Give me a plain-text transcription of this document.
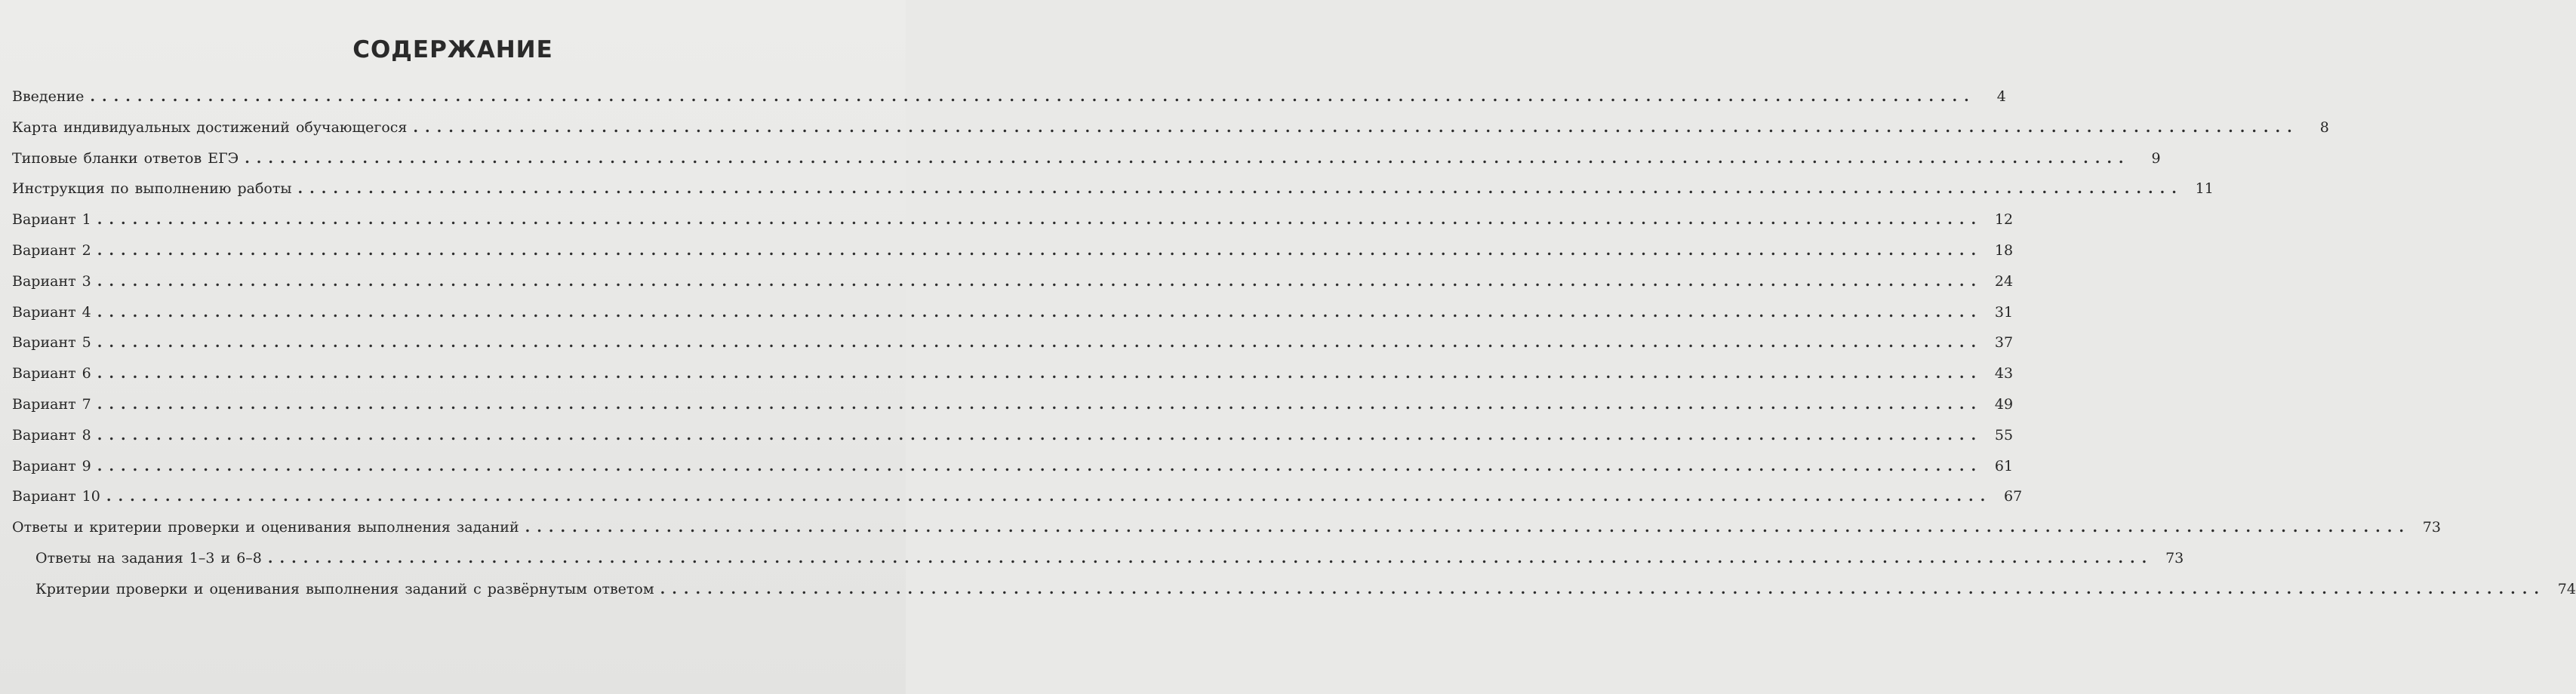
СОДЕРЖАНИЕ
Введение ................................................................................................................................................................	4
Карта индивидуальных достижений обучающегося ................................................................................................................................................................	8
Типовые бланки ответов ЕГЭ ................................................................................................................................................................	9
Инструкция по выполнению работы ................................................................................................................................................................ 11
Вариант 1 ................................................................................................................................................................ 12
Вариант 2 ................................................................................................................................................................ 18
Вариант 3 ................................................................................................................................................................ 24
Вариант 4 ................................................................................................................................................................ 31
Вариант 5 ................................................................................................................................................................ 37
Вариант 6 ................................................................................................................................................................ 43
Вариант 7 ................................................................................................................................................................ 49
Вариант 8 ................................................................................................................................................................ 55
Вариант 9 ................................................................................................................................................................ 61
Вариант 10 ................................................................................................................................................................ 67
Ответы и критерии проверки и оценивания выполнения заданий ................................................................................................................................................................ 73
Ответы на задания 1–3 и 6–8 ................................................................................................................................................................ 73
Критерии проверки и оценивания выполнения заданий с развёрнутым ответом ................................................................................................................................................................ 74
